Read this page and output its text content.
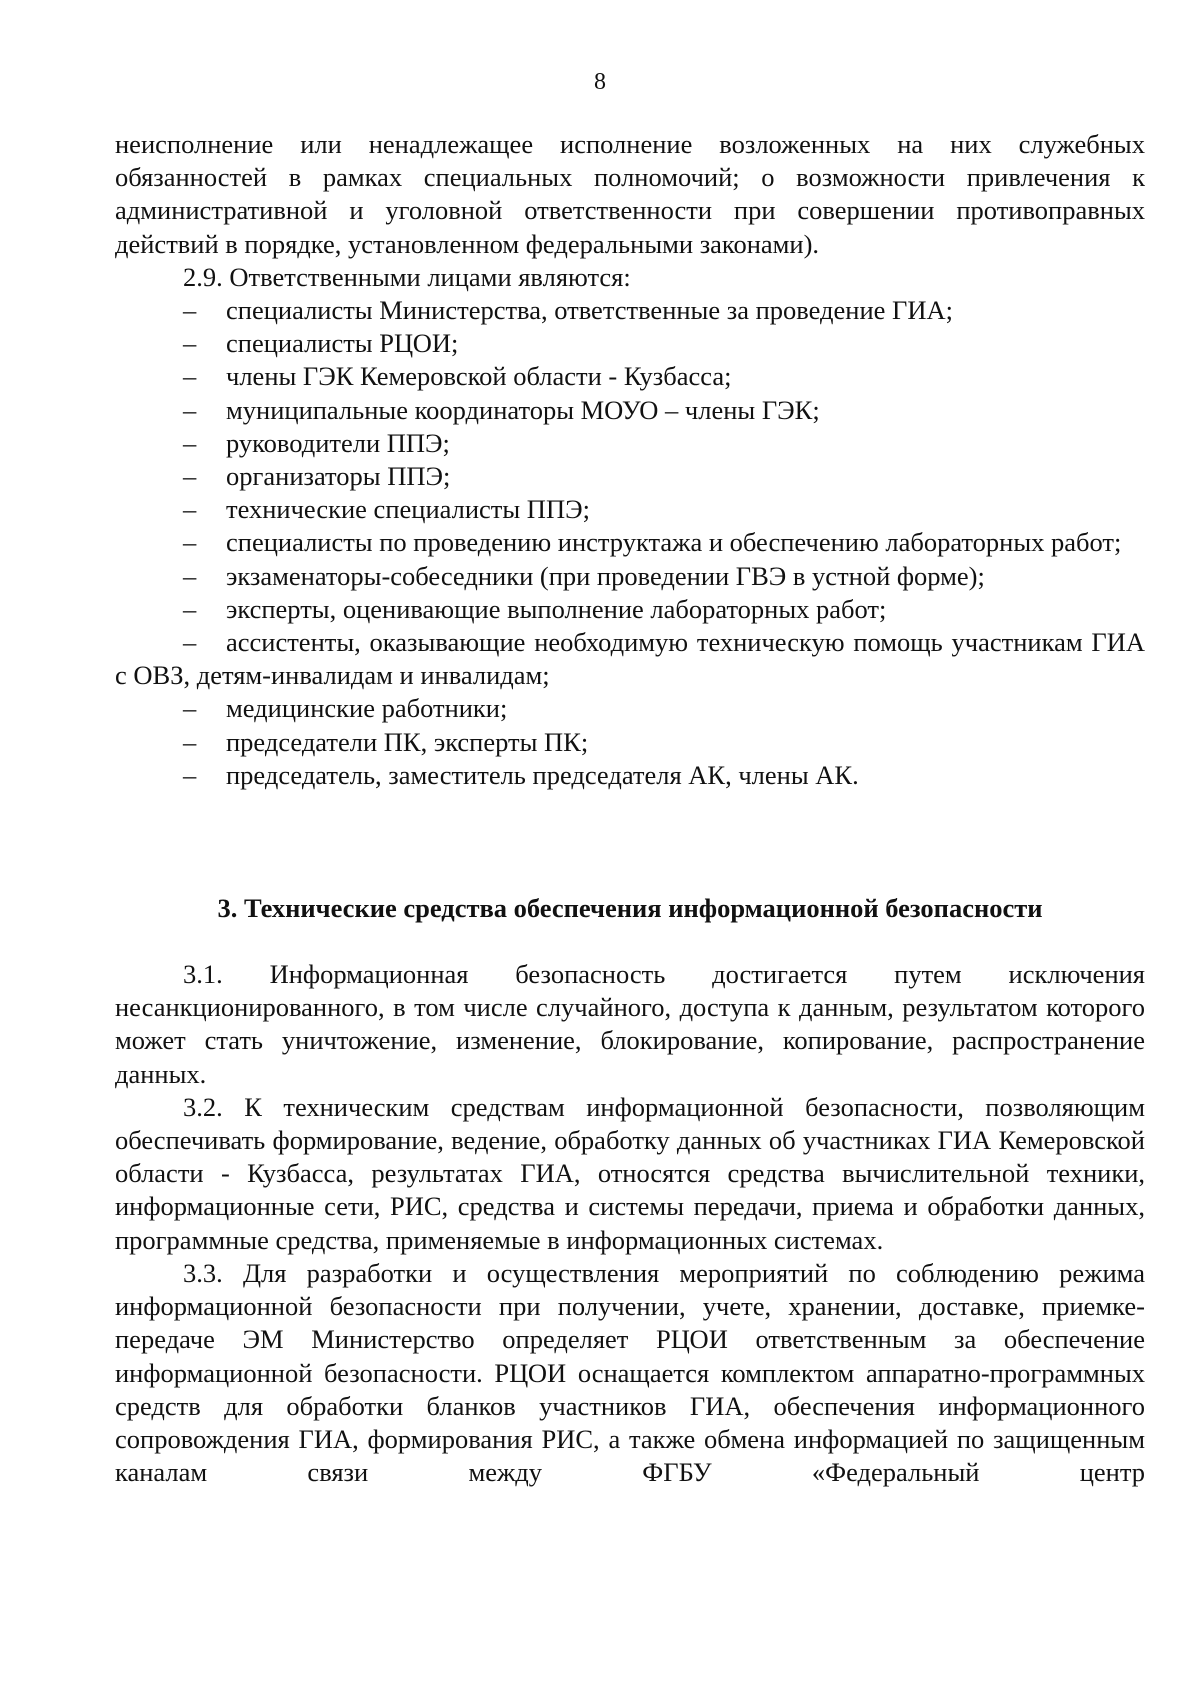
8

неисполнение или ненадлежащее исполнение возложенных на них служебных обязанностей в рамках специальных полномочий; о возможности привлечения к административной и уголовной ответственности при совершении противоправных действий в порядке, установленном федеральными законами).

2.9. Ответственными лицами являются:

– специалисты Министерства, ответственные за проведение ГИА;
– специалисты РЦОИ;
– члены ГЭК Кемеровской области - Кузбасса;
– муниципальные координаторы МОУО – члены ГЭК;
– руководители ППЭ;
– организаторы ППЭ;
– технические специалисты ППЭ;
– специалисты по проведению инструктажа и обеспечению лабораторных работ;
– экзаменаторы-собеседники (при проведении ГВЭ в устной форме);
– эксперты, оценивающие выполнение лабораторных работ;
– ассистенты, оказывающие необходимую техническую помощь участникам ГИА с ОВЗ, детям-инвалидам и инвалидам;
– медицинские работники;
– председатели ПК, эксперты ПК;
– председатель, заместитель председателя АК, члены АК.
3. Технические средства обеспечения информационной безопасности

3.1. Информационная безопасность достигается путем исключения несанкционированного, в том числе случайного, доступа к данным, результатом которого может стать уничтожение, изменение, блокирование, копирование, распространение данных.

3.2. К техническим средствам информационной безопасности, позволяющим обеспечивать формирование, ведение, обработку данных об участниках ГИА Кемеровской области - Кузбасса, результатах ГИА, относятся средства вычислительной техники, информационные сети, РИС, средства и системы передачи, приема и обработки данных, программные средства, применяемые в информационных системах.

3.3. Для разработки и осуществления мероприятий по соблюдению режима информационной безопасности при получении, учете, хранении, доставке, приемке-передаче ЭМ Министерство определяет РЦОИ ответственным за обеспечение информационной безопасности. РЦОИ оснащается комплектом аппаратно-программных средств для обработки бланков участников ГИА, обеспечения информационного сопровождения ГИА, формирования РИС, а также обмена информацией по защищенным каналам связи между ФГБУ «Федеральный центр
